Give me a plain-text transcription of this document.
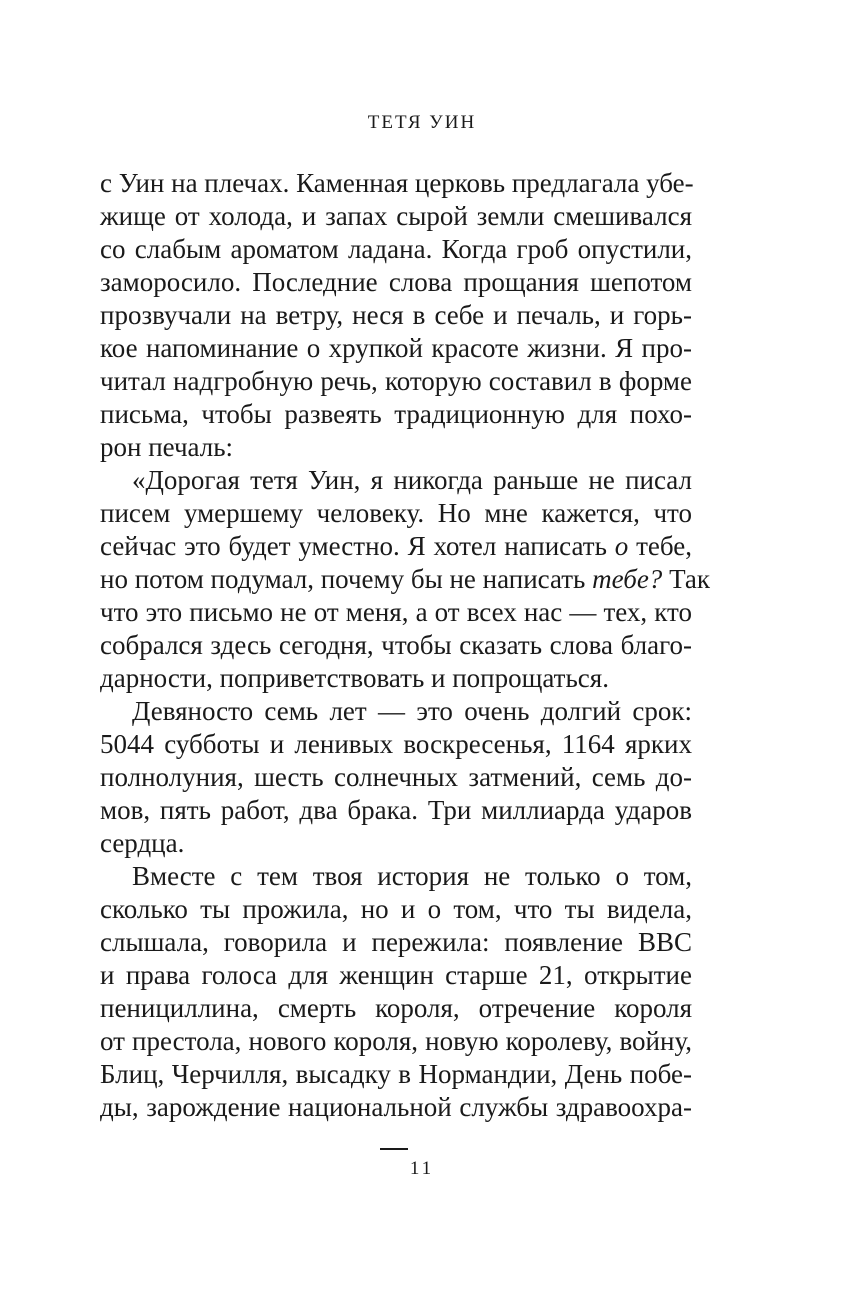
ТЕТЯ УИН
с Уин на плечах. Каменная церковь предлагала убе-
жище от холода, и запах сырой земли смешивался
со слабым ароматом ладана. Когда гроб опустили,
заморосило. Последние слова прощания шепотом
прозвучали на ветру, неся в себе и печаль, и горь-
кое напоминание о хрупкой красоте жизни. Я про-
читал надгробную речь, которую составил в форме
письма, чтобы развеять традиционную для похо-
рон печаль:
«Дорогая тетя Уин, я никогда раньше не писал
писем умершему человеку. Но мне кажется, что
сейчас это будет уместно. Я хотел написать о тебе,
но потом подумал, почему бы не написать тебе? Так
что это письмо не от меня, а от всех нас — тех, кто
собрался здесь сегодня, чтобы сказать слова благо-
дарности, поприветствовать и попрощаться.
Девяносто семь лет — это очень долгий срок:
5044 субботы и ленивых воскресенья, 1164 ярких
полнолуния, шесть солнечных затмений, семь до-
мов, пять работ, два брака. Три миллиарда ударов
сердца.
Вместе с тем твоя история не только о том,
сколько ты прожила, но и о том, что ты видела,
слышала, говорила и пережила: появление ВВС
и права голоса для женщин старше 21, открытие
пенициллина, смерть короля, отречение короля
от престола, нового короля, новую королеву, войну,
Блиц, Черчилля, высадку в Нормандии, День побе-
ды, зарождение национальной службы здравоохра-
11
